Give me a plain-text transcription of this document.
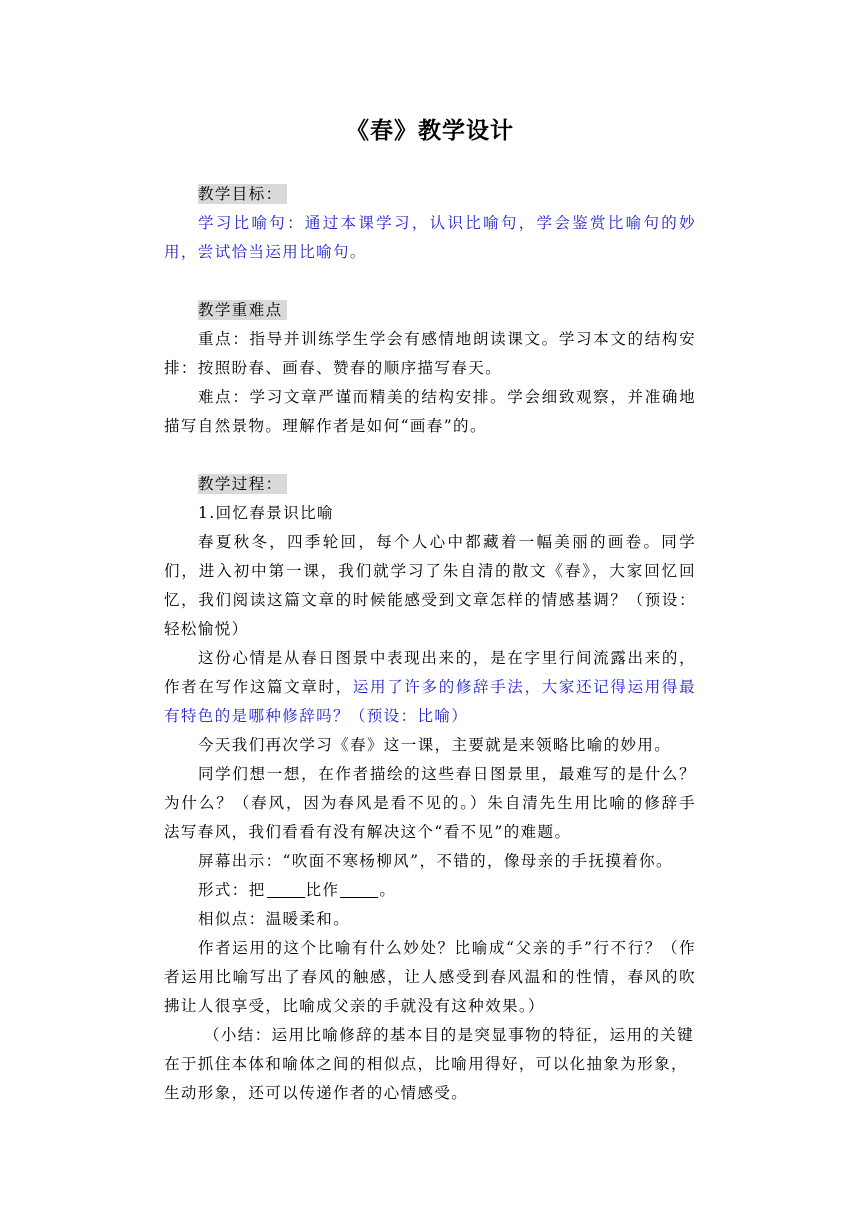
《春》教学设计
教学目标：

学习比喻句：通过本课学习，认识比喻句，学会鉴赏比喻句的妙用，尝试恰当运用比喻句。

教学重难点

重点：指导并训练学生学会有感情地朗读课文。学习本文的结构安排：按照盼春、画春、赞春的顺序描写春天。

难点：学习文章严谨而精美的结构安排。学会细致观察，并准确地描写自然景物。理解作者是如何“画春”的。

教学过程：

1.回忆春景识比喻

春夏秋冬，四季轮回，每个人心中都藏着一幅美丽的画卷。同学们，进入初中第一课，我们就学习了朱自清的散文《春》，大家回忆回忆，我们阅读这篇文章的时候能感受到文章怎样的情感基调？（预设：轻松愉悦）

这份心情是从春日图景中表现出来的，是在字里行间流露出来的，作者在写作这篇文章时，运用了许多的修辞手法，大家还记得运用得最有特色的是哪种修辞吗？（预设：比喻）

今天我们再次学习《春》这一课，主要就是来领略比喻的妙用。

同学们想一想，在作者描绘的这些春日图景里，最难写的是什么？为什么？（春风，因为春风是看不见的。）朱自清先生用比喻的修辞手法写春风，我们看看有没有解决这个“看不见”的难题。

屏幕出示：“吹面不寒杨柳风”，不错的，像母亲的手抚摸着你。

形式：把	比作	。

相似点：温暖柔和。

作者运用的这个比喻有什么妙处？比喻成“父亲的手”行不行？（作者运用比喻写出了春风的触感，让人感受到春风温和的性情，春风的吹拂让人很享受，比喻成父亲的手就没有这种效果。）

（小结：运用比喻修辞的基本目的是突显事物的特征，运用的关键在于抓住本体和喻体之间的相似点，比喻用得好，可以化抽象为形象，生动形象，还可以传递作者的心情感受。
